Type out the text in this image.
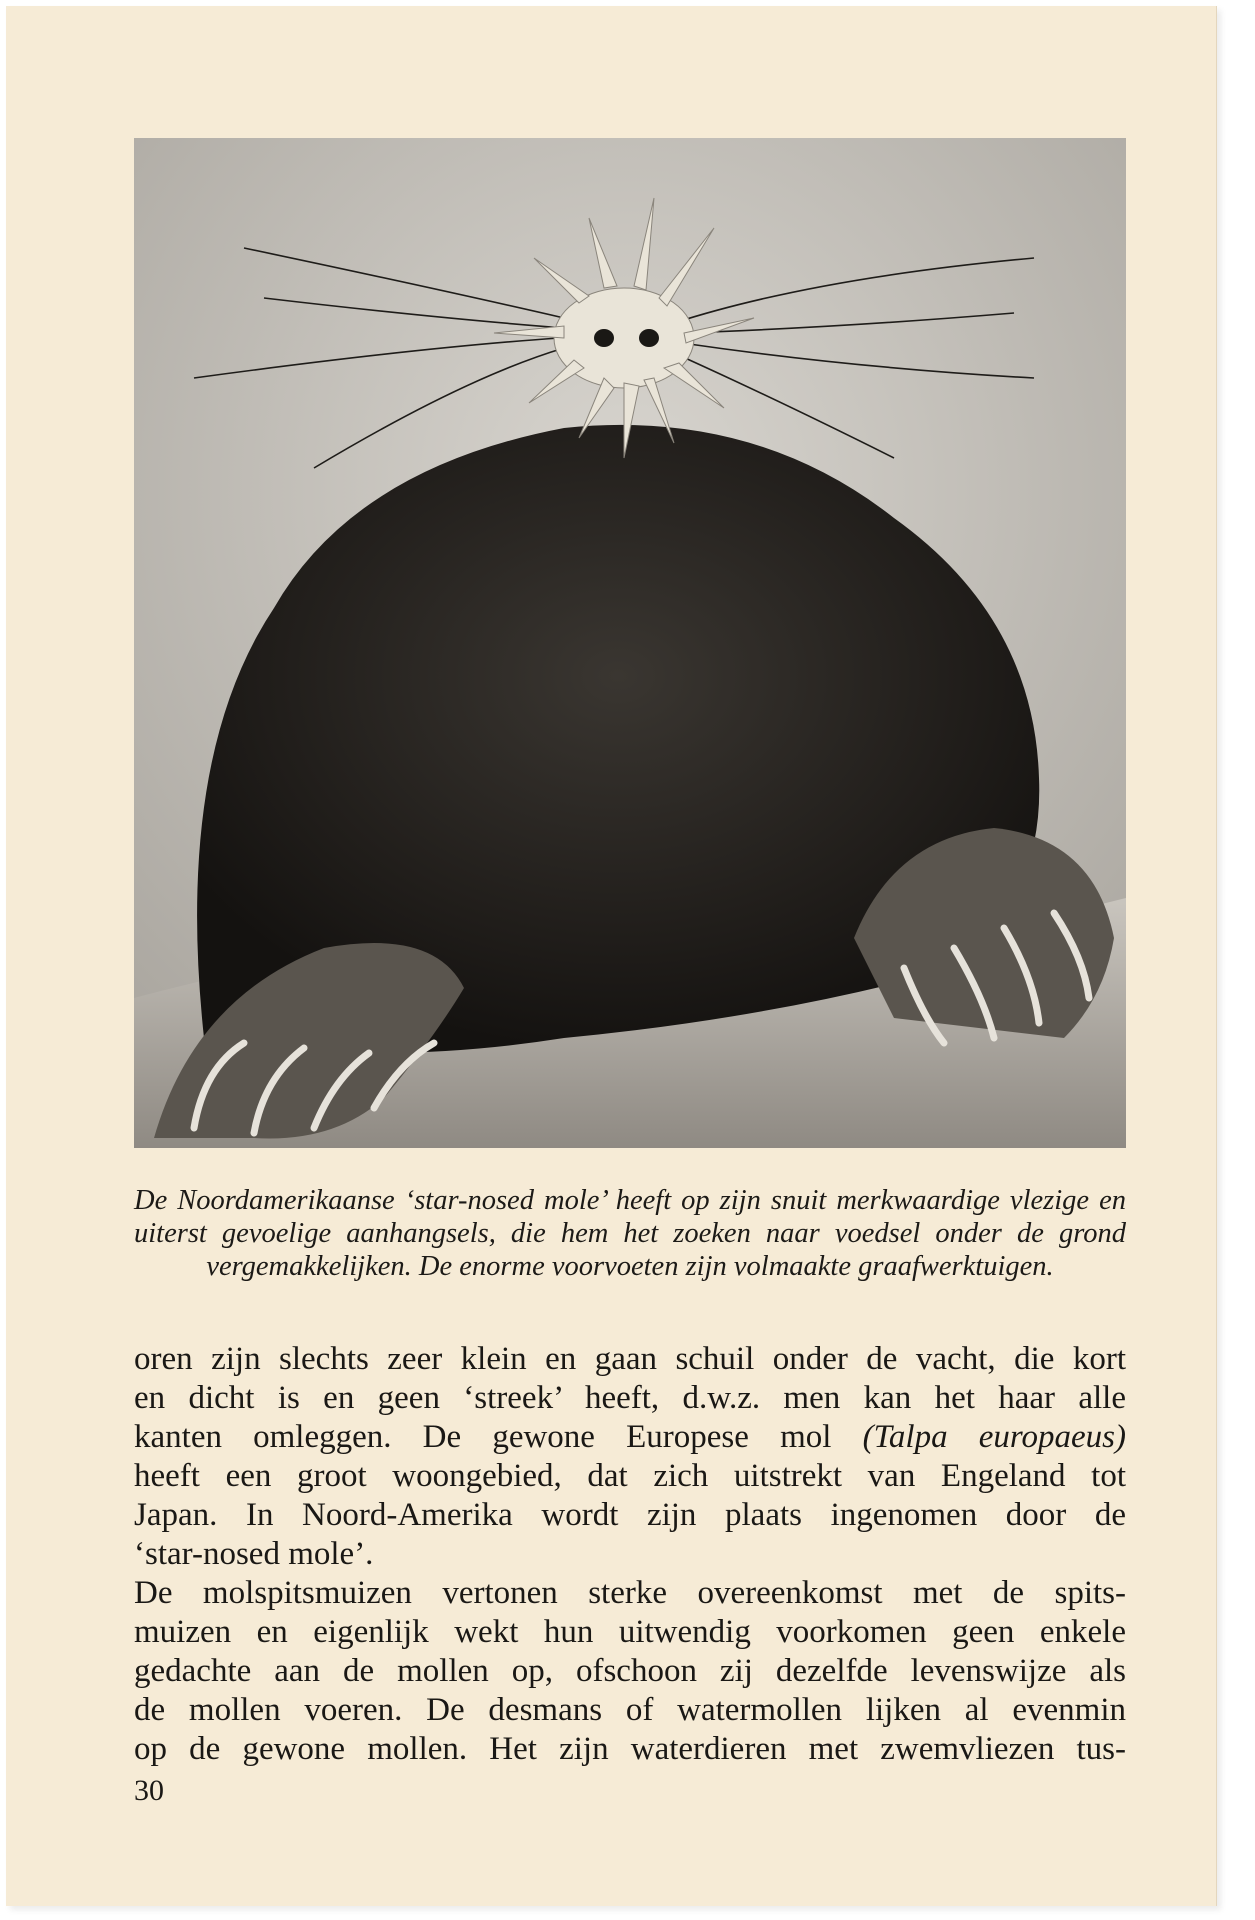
De Noordamerikaanse ‘star-nosed mole’ heeft op zijn snuit merkwaardige vlezige en uiterst gevoelige aanhangsels, die hem het zoeken naar voedsel onder de grond vergemakkelijken. De enorme voorvoeten zijn volmaakte graafwerktuigen.

oren zijn slechts zeer klein en gaan schuil onder de vacht, die kort
en dicht is en geen ‘streek’ heeft, d.w.z. men kan het haar alle
kanten omleggen. De gewone Europese mol (Talpa europaeus)
heeft een groot woongebied, dat zich uitstrekt van Engeland tot
Japan. In Noord-Amerika wordt zijn plaats ingenomen door de
‘star-nosed mole’.

De molspitsmuizen vertonen sterke overeenkomst met de spits-
muizen en eigenlijk wekt hun uitwendig voorkomen geen enkele
gedachte aan de mollen op, ofschoon zij dezelfde levenswijze als
de mollen voeren. De desmans of watermollen lijken al evenmin
op de gewone mollen. Het zijn waterdieren met zwemvliezen tus-

30
